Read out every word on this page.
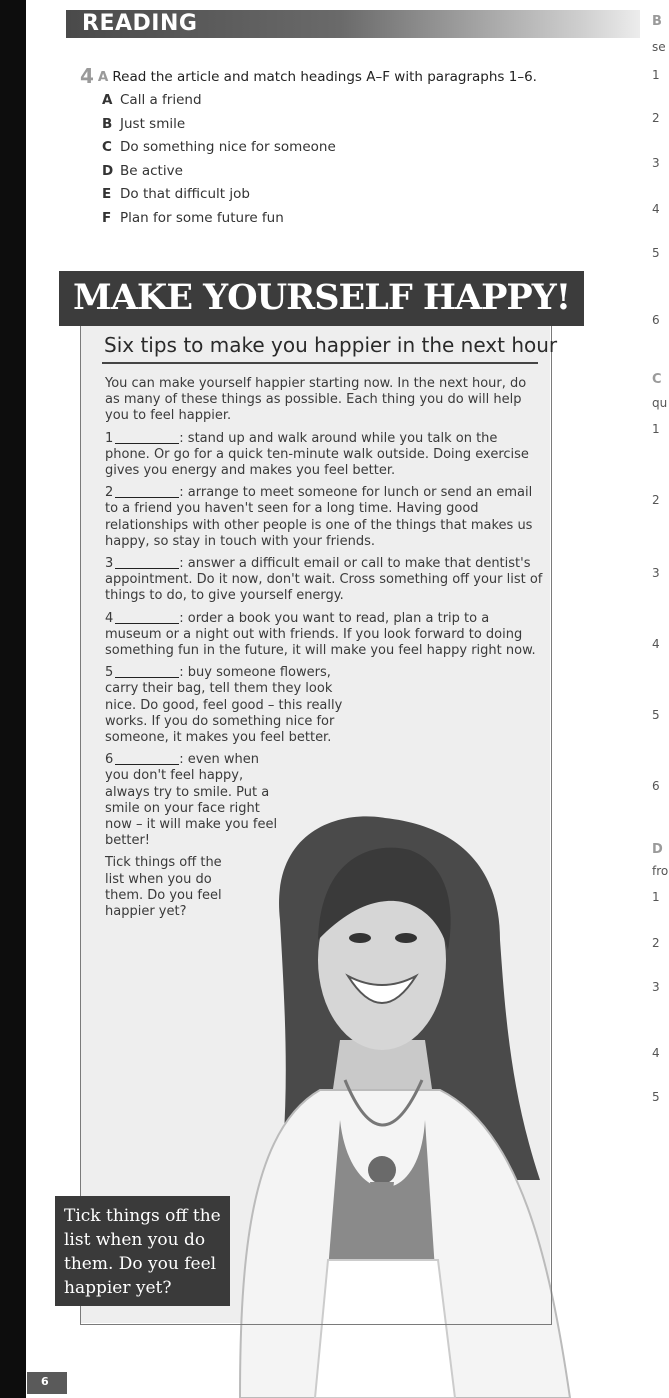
READING
4 A Read the article and match headings A–F with paragraphs 1–6.
A Call a friend
B Just smile
C Do something nice for someone
D Be active
E Do that difficult job
F Plan for some future fun
MAKE YOURSELF HAPPY!
Six tips to make you happier in the next hour

You can make yourself happier starting now. In the next hour, do as many of these things as possible. Each thing you do will help you to feel happier.

1	: stand up and walk around while you talk on the phone. Or go for a quick ten-minute walk outside. Doing exercise gives you energy and makes you feel better.

2	: arrange to meet someone for lunch or send an email to a friend you haven't seen for a long time. Having good relationships with other people is one of the things that makes us happy, so stay in touch with your friends.

3	: answer a difficult email or call to make that dentist's appointment. Do it now, don't wait. Cross something off your list of things to do, to give yourself energy.

4	: order a book you want to read, plan a trip to a museum or a night out with friends. If you look forward to doing something fun in the future, it will make you feel happy right now.

5	: buy someone flowers, carry their bag, tell them they look nice. Do good, feel good – this really works. If you do something nice for someone, it makes you feel better.

6	: even when you don't feel happy, always try to smile. Put a smile on your face right now – it will make you feel better!

Tick things off the list when you do them. Do you feel happier yet?

Tick things off the list when you do them. Do you feel happier yet?
6
B
se
1
2
3
4
5
6
C
qu
1
2
3
4
5
6
D
fro
1
2
3
4
5
